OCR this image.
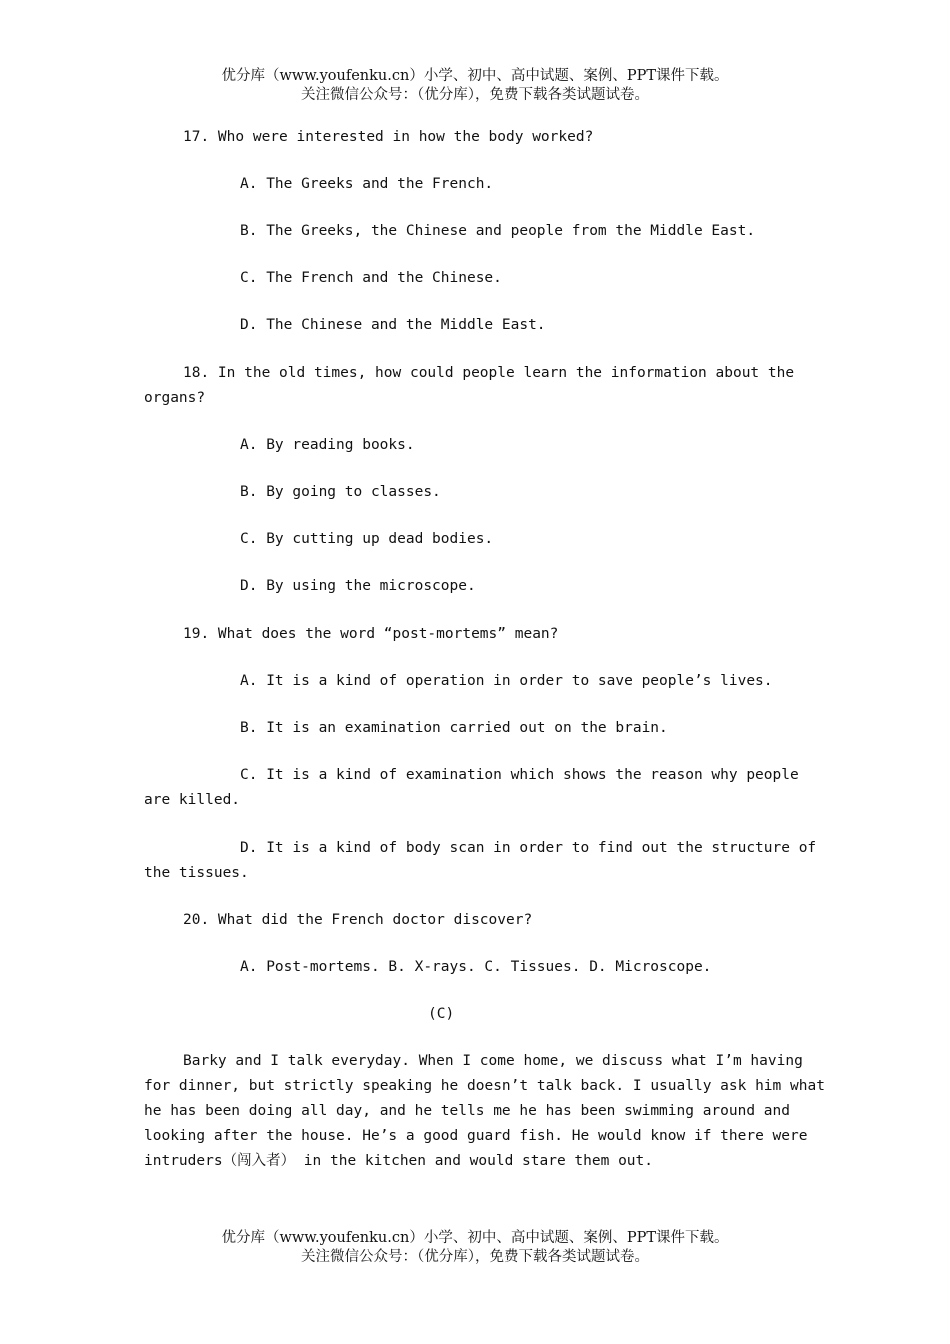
优分库（www.youfenku.cn）小学、初中、高中试题、案例、PPT课件下载。
关注微信公众号：（优分库），免费下载各类试题试卷。
17. Who were interested in how the body worked?
A. The Greeks and the French.
B. The Greeks, the Chinese and people from the Middle East.
C. The French and the Chinese.
D. The Chinese and the Middle East.
18. In the old times, how could people learn the information about the
organs?
A. By reading books.
B. By going to classes.
C. By cutting up dead bodies.
D. By using the microscope.
19. What does the word “post-mortems” mean?
A. It is a kind of operation in order to save people’s lives.
B. It is an examination carried out on the brain.
C. It is a kind of examination which shows the reason why people
are killed.
D. It is a kind of body scan in order to find out the structure of
the tissues.
20. What did the French doctor discover?
A. Post-mortems. B. X-rays. C. Tissues. D. Microscope.
(C)
Barky and I talk everyday. When I come home, we discuss what I’m having
for dinner, but strictly speaking he doesn’t talk back. I usually ask him what
he has been doing all day, and he tells me he has been swimming around and
looking after the house. He’s a good guard fish. He would know if there were
intruders（闯入者） in the kitchen and would stare them out.
优分库（www.youfenku.cn）小学、初中、高中试题、案例、PPT课件下载。
关注微信公众号：（优分库），免费下载各类试题试卷。
